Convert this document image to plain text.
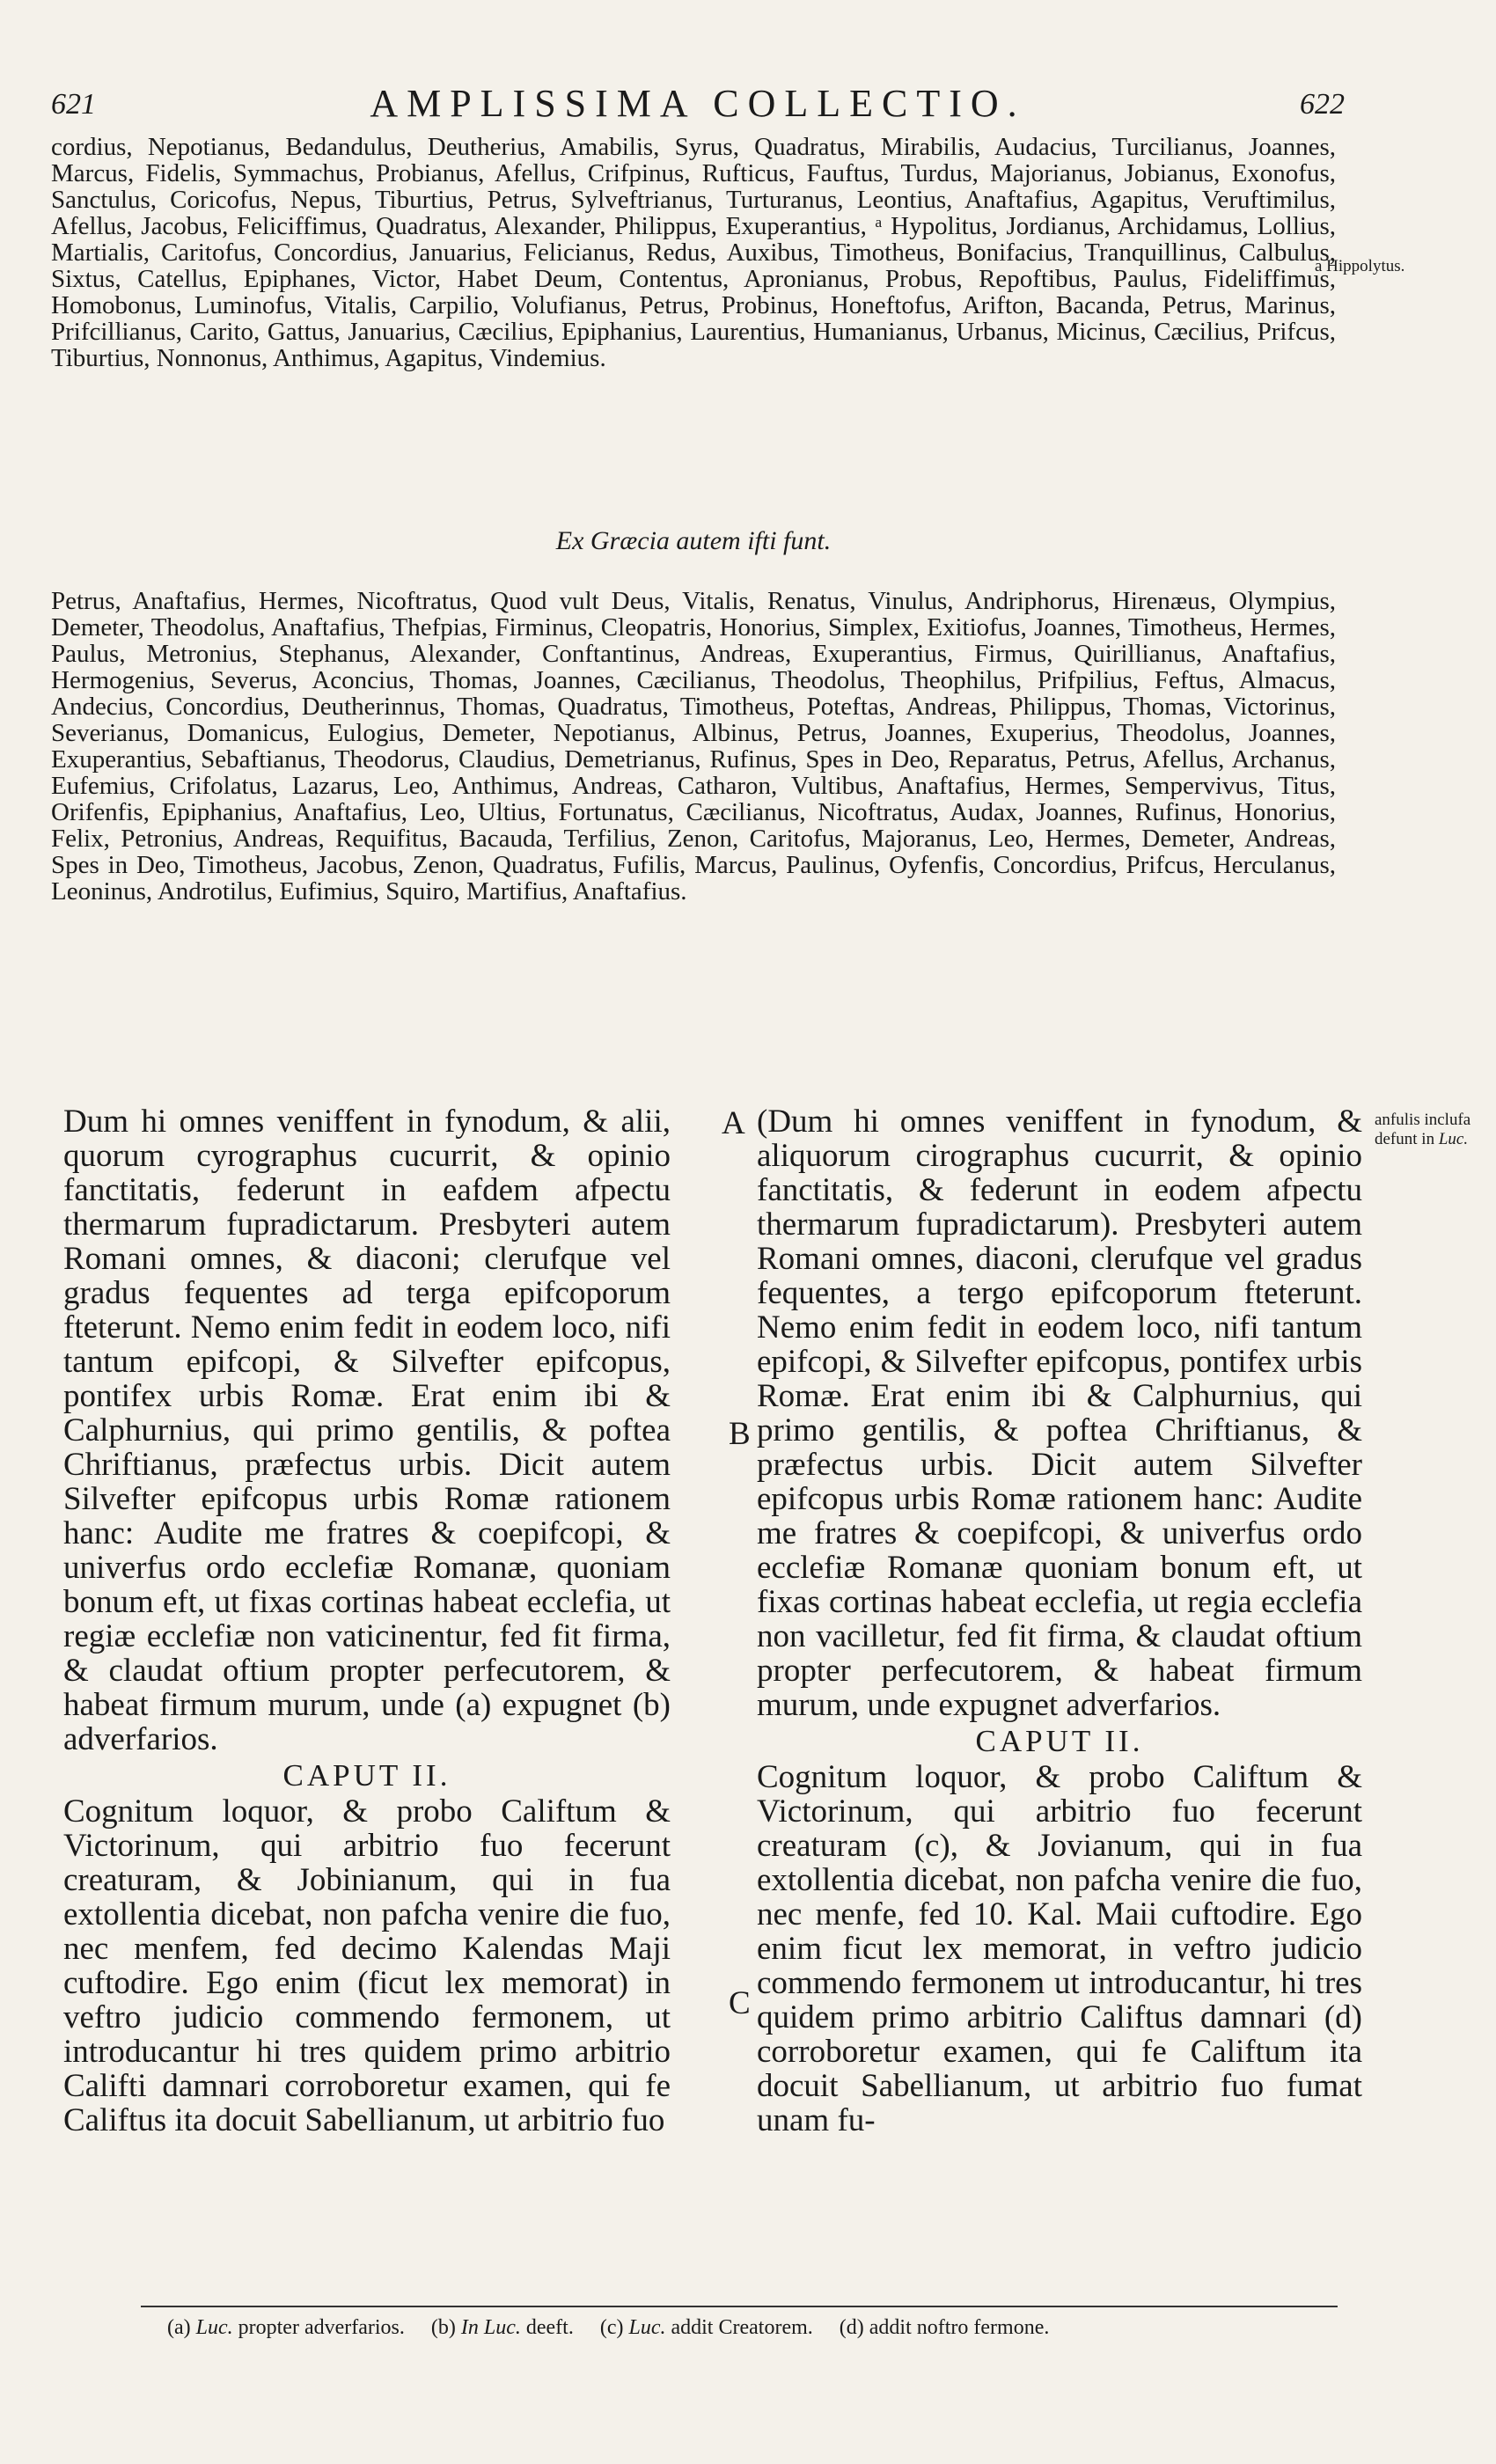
621	AMPLISSIMA COLLECTIO.	622
cordius, Nepotianus, Bedandulus, Deutherius, Amabilis, Syrus, Quadratus, Mirabilis, Audacius, Turcilianus, Joannes, Marcus, Fidelis, Symmachus, Probianus, Afellus, Crifpinus, Rufticus, Fauftus, Turdus, Majorianus, Jobianus, Exonofus, Sanctulus, Coricofus, Nepus, Tiburtius, Petrus, Sylveftrianus, Turturanus, Leontius, Anaftafius, Agapitus, Veruftimilus, Afellus, Jacobus, Feliciffimus, Quadratus, Alexander, Philippus, Exuperantius, ᵃ Hypolitus, Jordianus, Archidamus, Lollius, Martialis, Caritofus, Concordius, Januarius, Felicianus, Redus, Auxibus, Timotheus, Bonifacius, Tranquillinus, Calbulus, Sixtus, Catellus, Epiphanes, Victor, Habet Deum, Contentus, Apronianus, Probus, Repoftibus, Paulus, Fideliffimus, Homobonus, Luminofus, Vitalis, Carpilio, Volufianus, Petrus, Probinus, Honeftofus, Arifton, Bacanda, Petrus, Marinus, Prifcillianus, Carito, Gattus, Januarius, Cæcilius, Epiphanius, Laurentius, Humanianus, Urbanus, Micinus, Cæcilius, Prifcus, Tiburtius, Nonnonus, Anthimus, Agapitus, Vindemius.
a Hippolytus.
Ex Græcia autem ifti funt.
Petrus, Anaftafius, Hermes, Nicoftratus, Quod vult Deus, Vitalis, Renatus, Vinulus, Andriphorus, Hirenæus, Olympius, Demeter, Theodolus, Anaftafius, Thefpias, Firminus, Cleopatris, Honorius, Simplex, Exitiofus, Joannes, Timotheus, Hermes, Paulus, Metronius, Stephanus, Alexander, Conftantinus, Andreas, Exuperantius, Firmus, Quirillianus, Anaftafius, Hermogenius, Severus, Aconcius, Thomas, Joannes, Cæcilianus, Theodolus, Theophilus, Prifpilius, Feftus, Almacus, Andecius, Concordius, Deutherinnus, Thomas, Quadratus, Timotheus, Poteftas, Andreas, Philippus, Thomas, Victorinus, Severianus, Domanicus, Eulogius, Demeter, Nepotianus, Albinus, Petrus, Joannes, Exuperius, Theodolus, Joannes, Exuperantius, Sebaftianus, Theodorus, Claudius, Demetrianus, Rufinus, Spes in Deo, Reparatus, Petrus, Afellus, Archanus, Eufemius, Crifolatus, Lazarus, Leo, Anthimus, Andreas, Catharon, Vultibus, Anaftafius, Hermes, Sempervivus, Titus, Orifenfis, Epiphanius, Anaftafius, Leo, Ultius, Fortunatus, Cæcilianus, Nicoftratus, Audax, Joannes, Rufinus, Honorius, Felix, Petronius, Andreas, Requifitus, Bacauda, Terfilius, Zenon, Caritofus, Majoranus, Leo, Hermes, Demeter, Andreas, Spes in Deo, Timotheus, Jacobus, Zenon, Quadratus, Fufilis, Marcus, Paulinus, Oyfenfis, Concordius, Prifcus, Herculanus, Leoninus, Androtilus, Eufimius, Squiro, Martifius, Anaftafius.
anfulis inclufa defunt in Luc.
A
B
C

Dum hi omnes veniffent in fynodum, & alii, quorum cyrographus cucurrit, & opinio fanctitatis, federunt in eafdem afpectu thermarum fupradictarum. Presbyteri autem Romani omnes, & diaconi; clerufque vel gradus fequentes ad terga epifcoporum fteterunt. Nemo enim fedit in eodem loco, nifi tantum epifcopi, & Silvefter epifcopus, pontifex urbis Romæ. Erat enim ibi & Calphurnius, qui primo gentilis, & poftea Chriftianus, præfectus urbis. Dicit autem Silvefter epifcopus urbis Romæ rationem hanc: Audite me fratres & coepifcopi, & univerfus ordo ecclefiæ Romanæ, quoniam bonum eft, ut fixas cortinas habeat ecclefia, ut regiæ ecclefiæ non vaticinentur, fed fit firma, & claudat oftium propter perfecutorem, & habeat firmum murum, unde (a) expugnet (b) adverfarios.

CAPUT II.

Cognitum loquor, & probo Califtum & Victorinum, qui arbitrio fuo fecerunt creaturam, & Jobinianum, qui in fua extollentia dicebat, non pafcha venire die fuo, nec menfem, fed decimo Kalendas Maji cuftodire. Ego enim (ficut lex memorat) in veftro judicio commendo fermonem, ut introducantur hi tres quidem primo arbitrio Califti damnari corroboretur examen, qui fe Califtus ita docuit Sabellianum, ut arbitrio fuo

(Dum hi omnes veniffent in fynodum, & aliquorum cirographus cucurrit, & opinio fanctitatis, & federunt in eodem afpectu thermarum fupradictarum). Presbyteri autem Romani omnes, diaconi, clerufque vel gradus fequentes, a tergo epifcoporum fteterunt. Nemo enim fedit in eodem loco, nifi tantum epifcopi, & Silvefter epifcopus, pontifex urbis Romæ. Erat enim ibi & Calphurnius, qui primo gentilis, & poftea Chriftianus, & præfectus urbis. Dicit autem Silvefter epifcopus urbis Romæ rationem hanc: Audite me fratres & coepifcopi, & univerfus ordo ecclefiæ Romanæ quoniam bonum eft, ut fixas cortinas habeat ecclefia, ut regia ecclefia non vacilletur, fed fit firma, & claudat oftium propter perfecutorem, & habeat firmum murum, unde expugnet adverfarios.

CAPUT II.

Cognitum loquor, & probo Califtum & Victorinum, qui arbitrio fuo fecerunt creaturam (c), & Jovianum, qui in fua extollentia dicebat, non pafcha venire die fuo, nec menfe, fed 10. Kal. Maii cuftodire. Ego enim ficut lex memorat, in veftro judicio commendo fermonem ut introducantur, hi tres quidem primo arbitrio Califtus damnari (d) corroboretur examen, qui fe Califtum ita docuit Sabellianum, ut arbitrio fuo fumat unam fu-

(a) Luc. propter adverfarios. (b) In Luc. deeft. (c) Luc. addit Creatorem. (d) addit noftro fermone.
